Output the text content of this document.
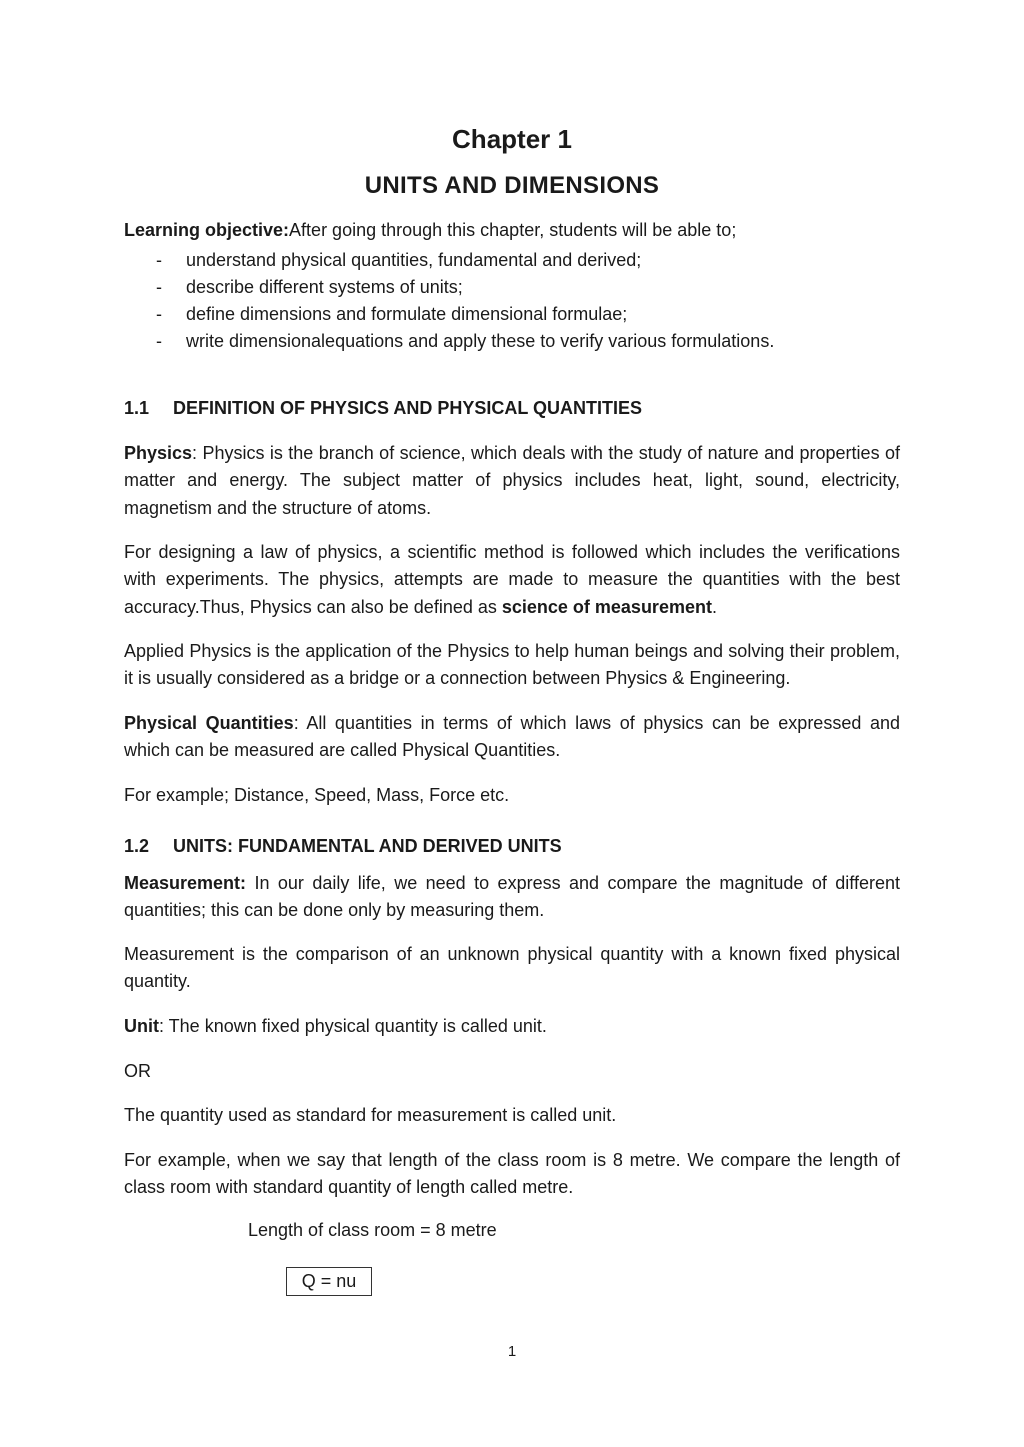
Chapter 1
UNITS AND DIMENSIONS
Learning objective:After going through this chapter, students will be able to;
- understand physical quantities, fundamental and derived;
- describe different systems of units;
- define dimensions and formulate dimensional formulae;
- write dimensionalequations and apply these to verify various formulations.
1.1 DEFINITION OF PHYSICS AND PHYSICAL QUANTITIES
Physics: Physics is the branch of science, which deals with the study of nature and properties of matter and energy. The subject matter of physics includes heat, light, sound, electricity, magnetism and the structure of atoms.
For designing a law of physics, a scientific method is followed which includes the verifications with experiments. The physics, attempts are made to measure the quantities with the best accuracy.Thus, Physics can also be defined as science of measurement.
Applied Physics is the application of the Physics to help human beings and solving their problem, it is usually considered as a bridge or a connection between Physics & Engineering.
Physical Quantities: All quantities in terms of which laws of physics can be expressed and which can be measured are called Physical Quantities.
For example; Distance, Speed, Mass, Force etc.
1.2 UNITS: FUNDAMENTAL AND DERIVED UNITS
Measurement: In our daily life, we need to express and compare the magnitude of different quantities; this can be done only by measuring them.
Measurement is the comparison of an unknown physical quantity with a known fixed physical quantity.
Unit: The known fixed physical quantity is called unit.
OR
The quantity used as standard for measurement is called unit.
For example, when we say that length of the class room is 8 metre. We compare the length of class room with standard quantity of length called metre.
Length of class room = 8 metre
Q = nu
1
